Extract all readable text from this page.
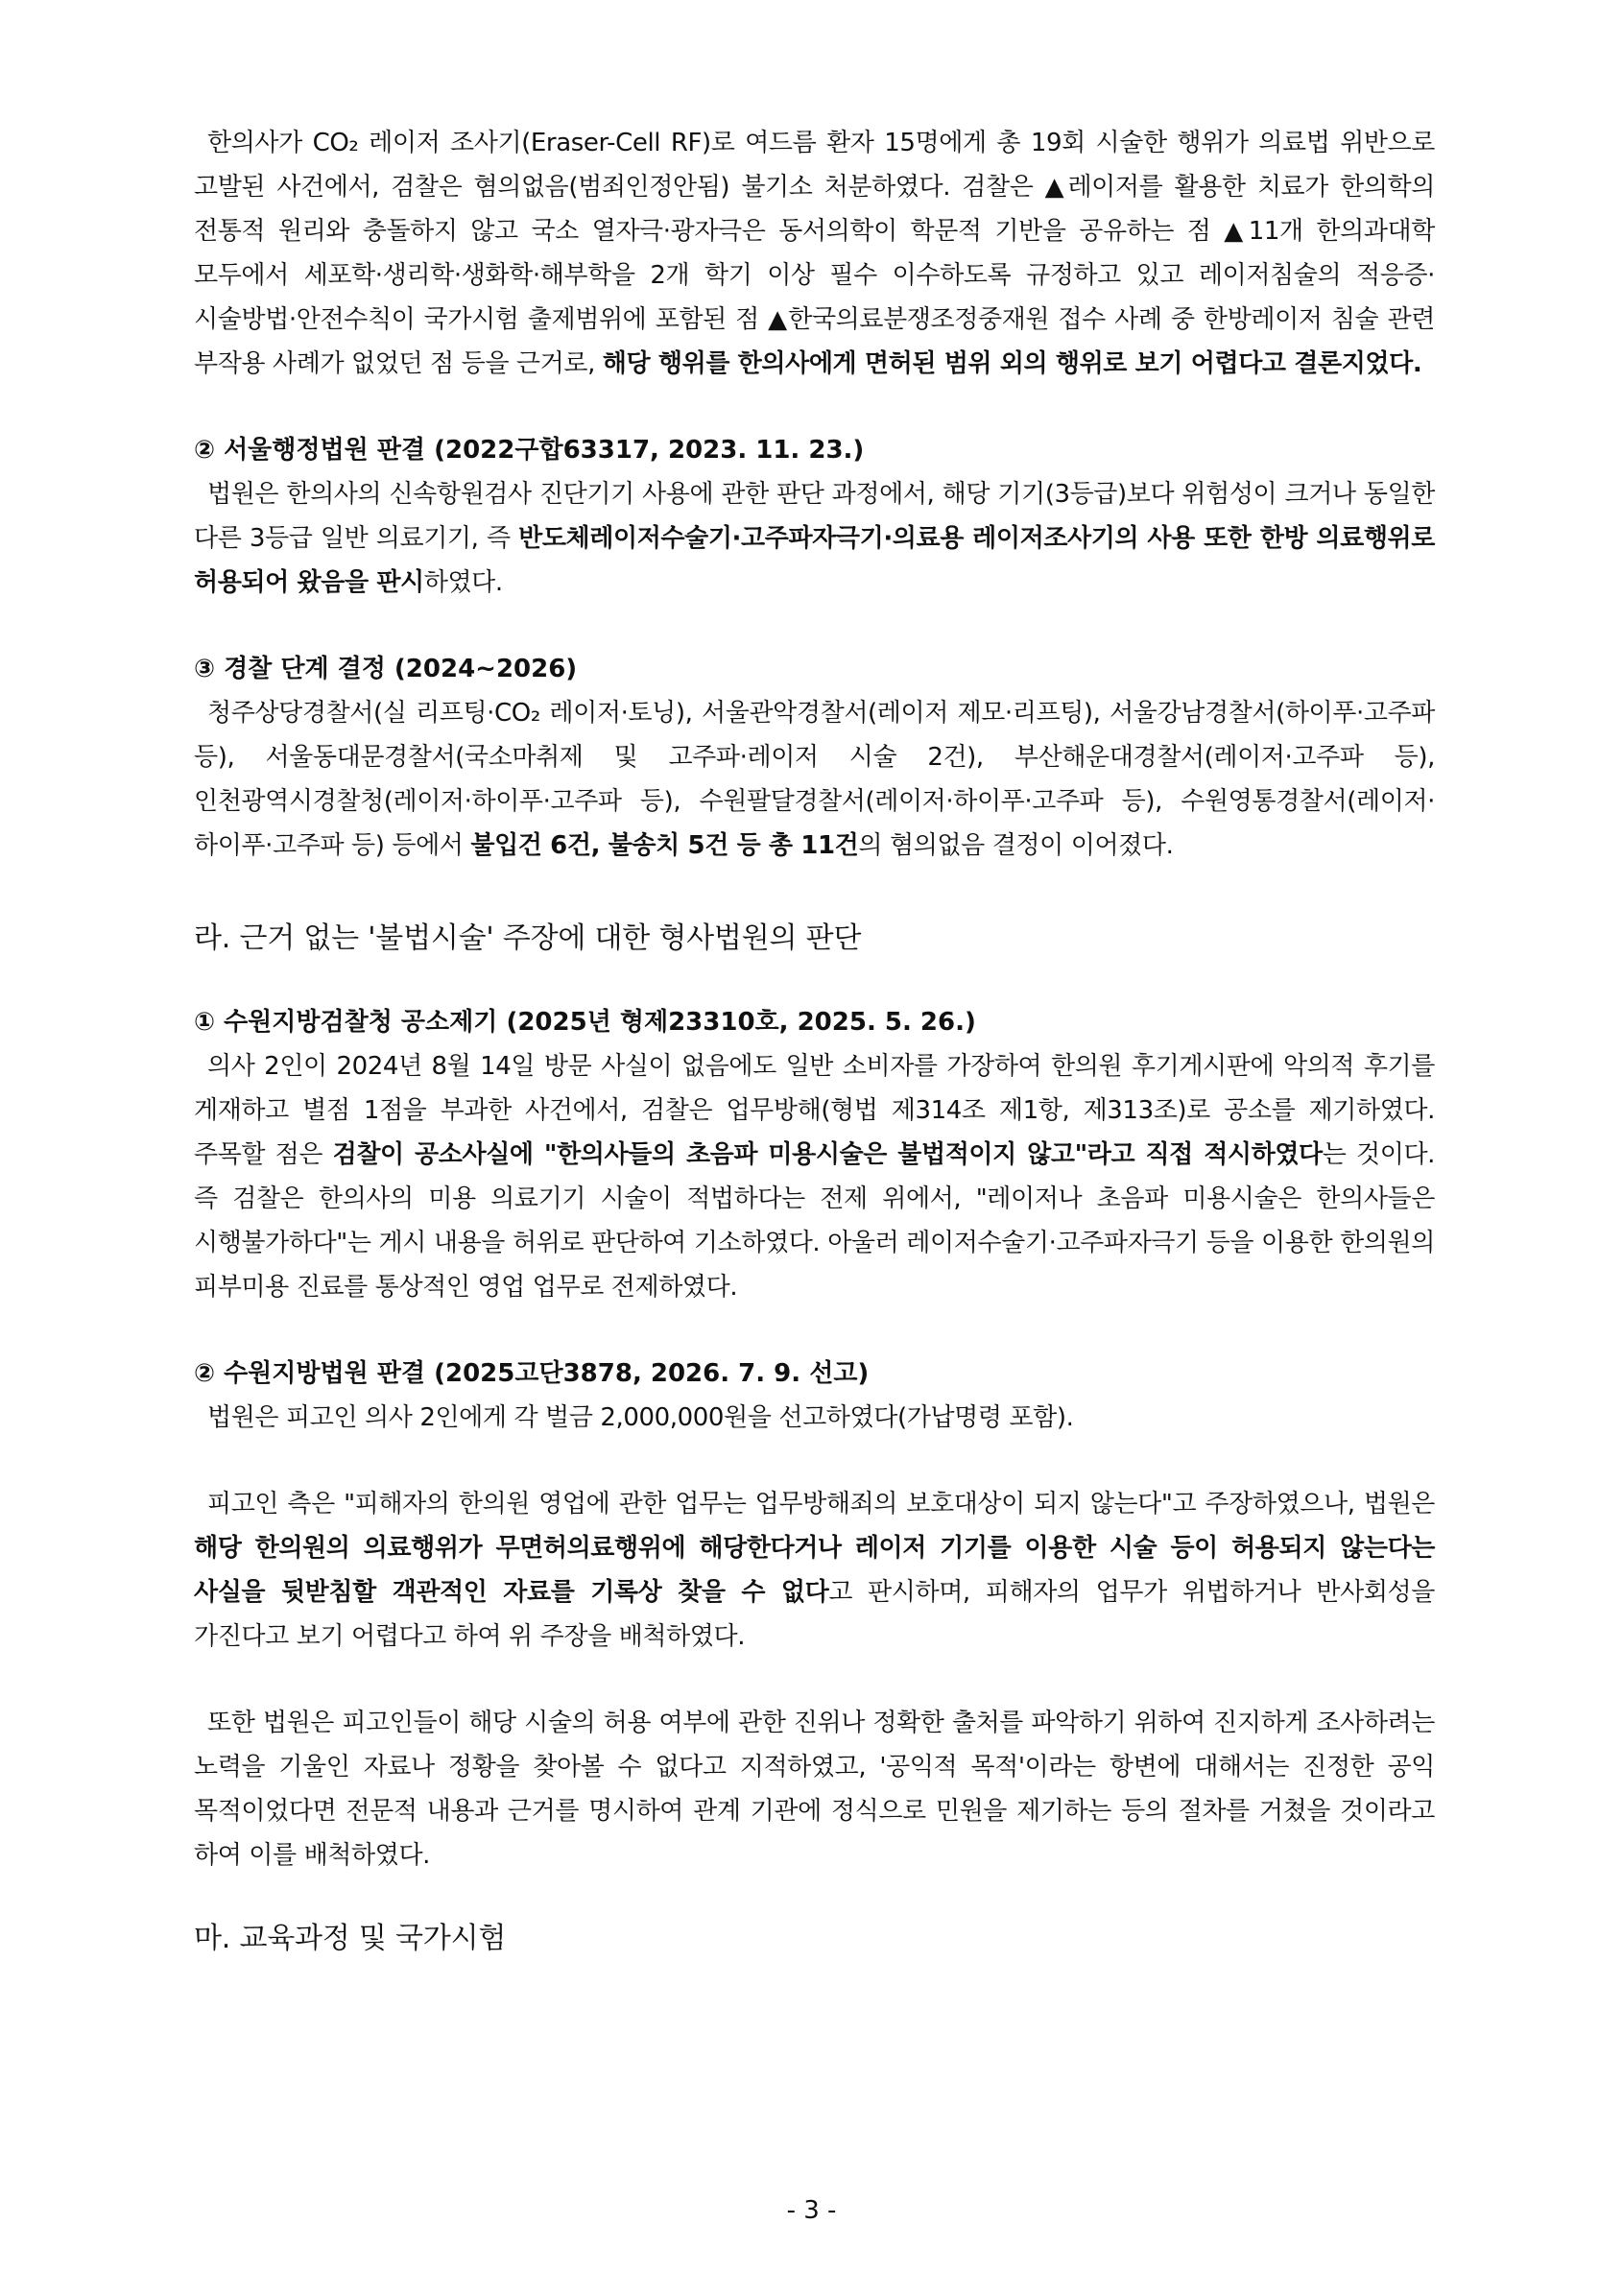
한의사가 CO₂ 레이저 조사기(Eraser-Cell RF)로 여드름 환자 15명에게 총 19회 시술한 행위가 의료법 위반으로 고발된 사건에서, 검찰은 혐의없음(범죄인정안됨) 불기소 처분하였다. 검찰은 ▲레이저를 활용한 치료가 한의학의 전통적 원리와 충돌하지 않고 국소 열자극·광자극은 동서의학이 학문적 기반을 공유하는 점 ▲11개 한의과대학 모두에서 세포학·생리학·생화학·해부학을 2개 학기 이상 필수 이수하도록 규정하고 있고 레이저침술의 적응증·시술방법·안전수칙이 국가시험 출제범위에 포함된 점 ▲한국의료분쟁조정중재원 접수 사례 중 한방레이저 침술 관련 부작용 사례가 없었던 점 등을 근거로, 해당 행위를 한의사에게 면허된 범위 외의 행위로 보기 어렵다고 결론지었다.

② 서울행정법원 판결 (2022구합63317, 2023. 11. 23.)

법원은 한의사의 신속항원검사 진단기기 사용에 관한 판단 과정에서, 해당 기기(3등급)보다 위험성이 크거나 동일한 다른 3등급 일반 의료기기, 즉 반도체레이저수술기·고주파자극기·의료용 레이저조사기의 사용 또한 한방 의료행위로 허용되어 왔음을 판시하였다.

③ 경찰 단계 결정 (2024~2026)

청주상당경찰서(실 리프팅·CO₂ 레이저·토닝), 서울관악경찰서(레이저 제모·리프팅), 서울강남경찰서(하이푸·고주파 등), 서울동대문경찰서(국소마취제 및 고주파·레이저 시술 2건), 부산해운대경찰서(레이저·고주파 등), 인천광역시경찰청(레이저·하이푸·고주파 등), 수원팔달경찰서(레이저·하이푸·고주파 등), 수원영통경찰서(레이저·하이푸·고주파 등) 등에서 불입건 6건, 불송치 5건 등 총 11건의 혐의없음 결정이 이어졌다.

라. 근거 없는 '불법시술' 주장에 대한 형사법원의 판단
① 수원지방검찰청 공소제기 (2025년 형제23310호, 2025. 5. 26.)

의사 2인이 2024년 8월 14일 방문 사실이 없음에도 일반 소비자를 가장하여 한의원 후기게시판에 악의적 후기를 게재하고 별점 1점을 부과한 사건에서, 검찰은 업무방해(형법 제314조 제1항, 제313조)로 공소를 제기하였다. 주목할 점은 검찰이 공소사실에 "한의사들의 초음파 미용시술은 불법적이지 않고"라고 직접 적시하였다는 것이다. 즉 검찰은 한의사의 미용 의료기기 시술이 적법하다는 전제 위에서, "레이저나 초음파 미용시술은 한의사들은 시행불가하다"는 게시 내용을 허위로 판단하여 기소하였다. 아울러 레이저수술기·고주파자극기 등을 이용한 한의원의 피부미용 진료를 통상적인 영업 업무로 전제하였다.

② 수원지방법원 판결 (2025고단3878, 2026. 7. 9. 선고)

법원은 피고인 의사 2인에게 각 벌금 2,000,000원을 선고하였다(가납명령 포함).

피고인 측은 "피해자의 한의원 영업에 관한 업무는 업무방해죄의 보호대상이 되지 않는다"고 주장하였으나, 법원은 해당 한의원의 의료행위가 무면허의료행위에 해당한다거나 레이저 기기를 이용한 시술 등이 허용되지 않는다는 사실을 뒷받침할 객관적인 자료를 기록상 찾을 수 없다고 판시하며, 피해자의 업무가 위법하거나 반사회성을 가진다고 보기 어렵다고 하여 위 주장을 배척하였다.

또한 법원은 피고인들이 해당 시술의 허용 여부에 관한 진위나 정확한 출처를 파악하기 위하여 진지하게 조사하려는 노력을 기울인 자료나 정황을 찾아볼 수 없다고 지적하였고, '공익적 목적'이라는 항변에 대해서는 진정한 공익 목적이었다면 전문적 내용과 근거를 명시하여 관계 기관에 정식으로 민원을 제기하는 등의 절차를 거쳤을 것이라고 하여 이를 배척하였다.

마. 교육과정 및 국가시험
- 3 -
